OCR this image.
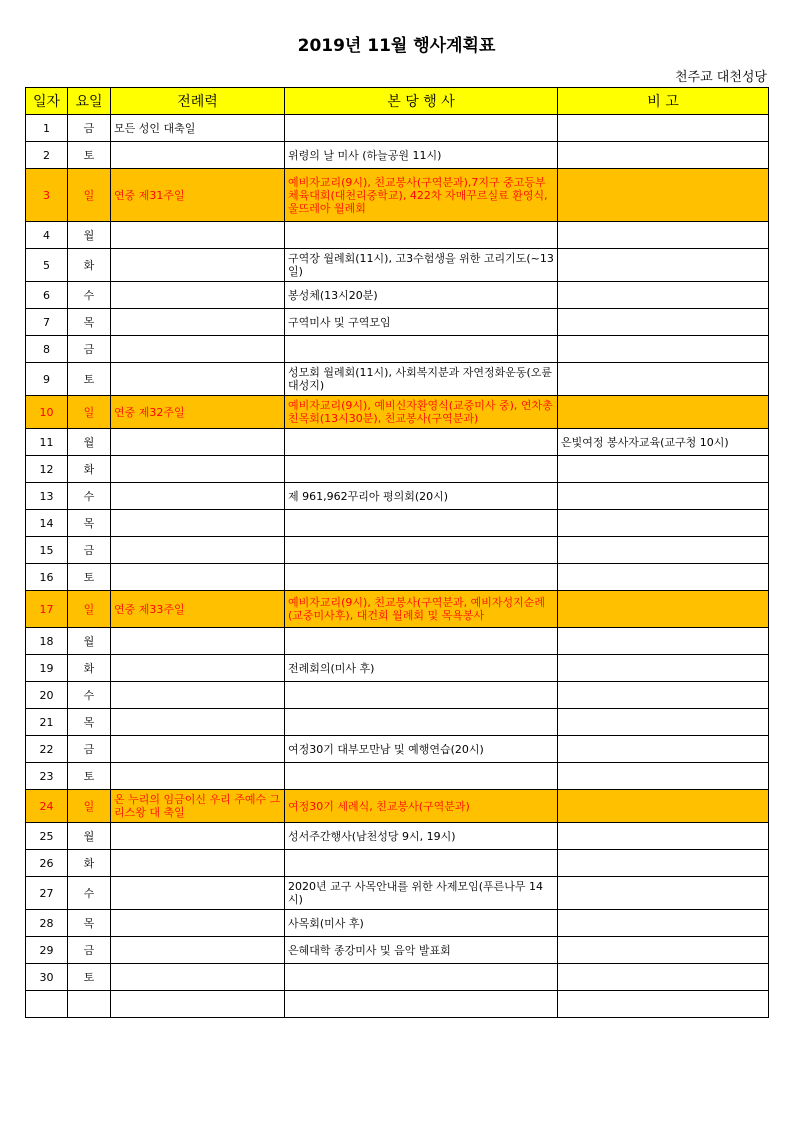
2019년 11월 행사계획표
천주교 대천성당
일자	요일	전례력	본 당 행 사	비 고
1	금	모든 성인 대축일		
2	토		위령의 날 미사 (하늘공원 11시)	
3	일	연중 제31주일	예비자교리(9시), 친교봉사(구역분과),7지구 중고등부 체육대회(대천리중학교), 422차 자매꾸르실료 환영식, 울뜨레아 월례회	
4	월			
5	화		구역장 월례회(11시), 고3수험생을 위한 고리기도(~13일)	
6	수		봉성체(13시20분)	
7	목		구역미사 및 구역모임	
8	금			
9	토		성모회 월례회(11시), 사회복지분과 자연정화운동(오륜대성지)	
10	일	연중 제32주일	예비자교리(9시), 예비신자환영식(교중미사 중), 연차총친목회(13시30분), 친교봉사(구역분과)	
11	월			은빛여정 봉사자교육(교구청 10시)
12	화			
13	수		제 961,962꾸리아 평의회(20시)	
14	목			
15	금			
16	토			
17	일	연중 제33주일	예비자교리(9시), 친교봉사(구역분과, 예비자성지순례(교중미사후), 대건회 월례회 및 목욕봉사	
18	월			
19	화		전례회의(미사 후)	
20	수			
21	목			
22	금		여정30기 대부모만남 및 예행연습(20시)	
23	토			
24	일	온 누리의 임금이신 우리 주예수 그리스왕 대 축일	여정30기 세례식, 친교봉사(구역분과)	
25	월		성서주간행사(남천성당 9시, 19시)	
26	화			
27	수		2020년 교구 사목안내를 위한 사제모임(푸른나무 14시)	
28	목		사목회(미사 후)	
29	금		은혜대학 종강미사 및 음악 발표회	
30	토			
